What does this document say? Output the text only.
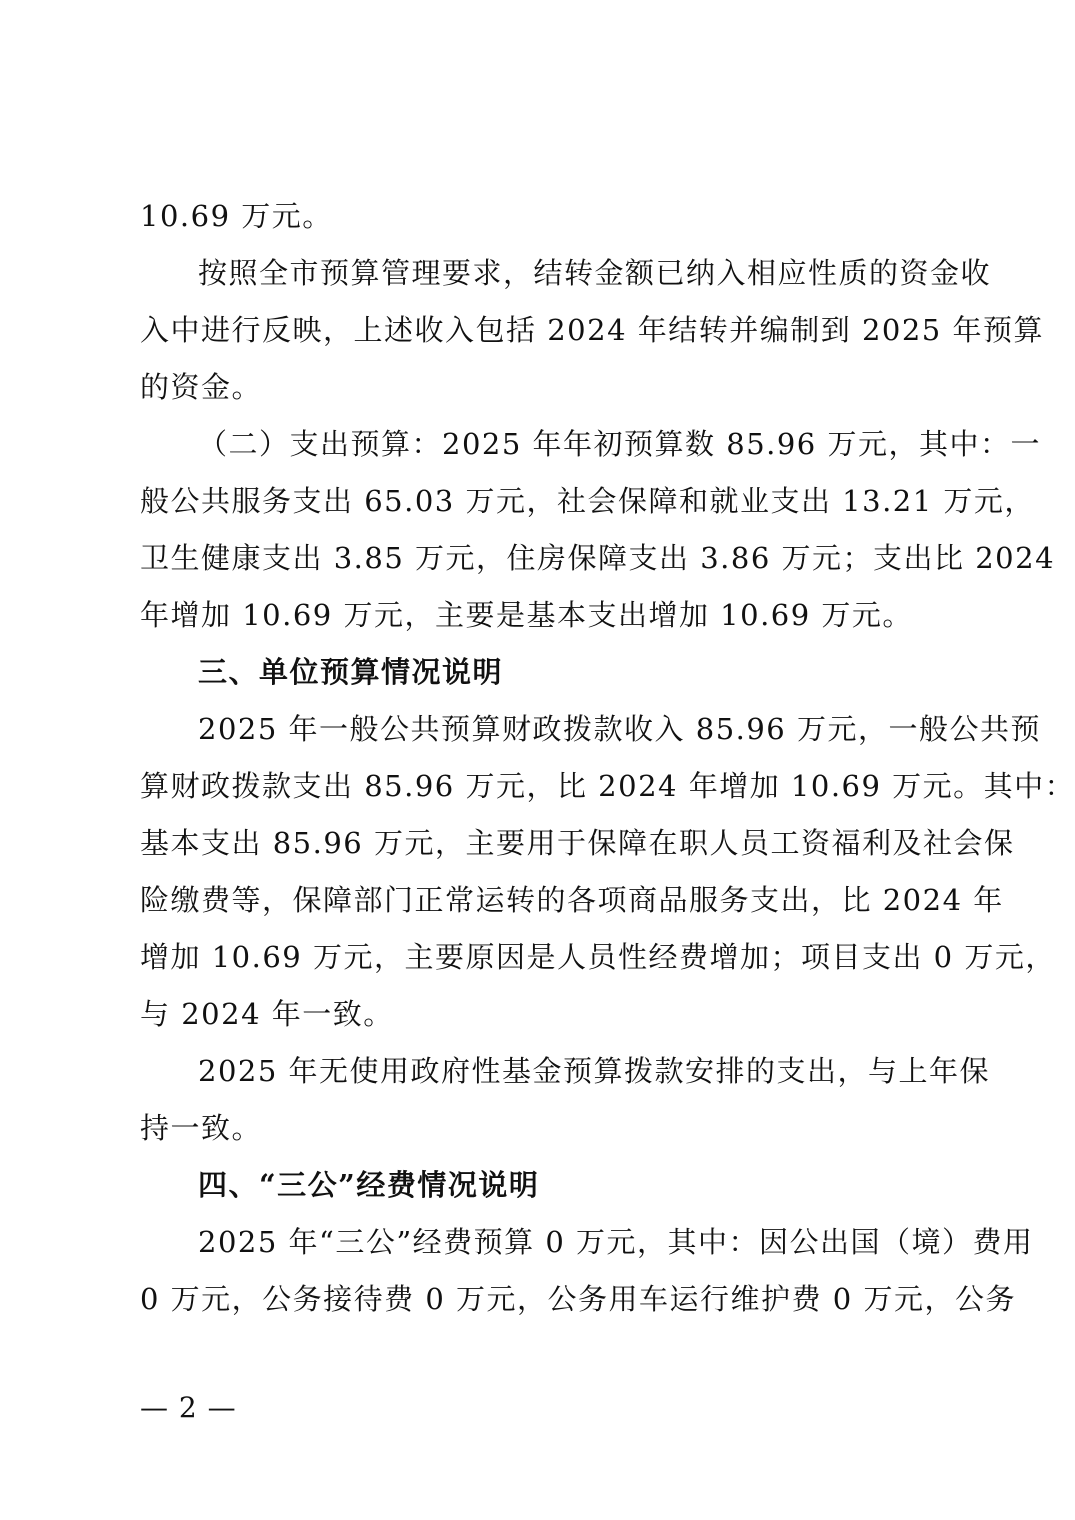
10.69 万元。
按照全市预算管理要求，结转金额已纳入相应性质的资金收
入中进行反映，上述收入包括 2024 年结转并编制到 2025 年预算
的资金。
（二）支出预算：2025 年年初预算数 85.96 万元，其中：一
般公共服务支出 65.03 万元，社会保障和就业支出 13.21 万元，
卫生健康支出 3.85 万元，住房保障支出 3.86 万元；支出比 2024
年增加 10.69 万元，主要是基本支出增加 10.69 万元。
三、单位预算情况说明
2025 年一般公共预算财政拨款收入 85.96 万元，一般公共预
算财政拨款支出 85.96 万元，比 2024 年增加 10.69 万元。其中：
基本支出 85.96 万元，主要用于保障在职人员工资福利及社会保
险缴费等，保障部门正常运转的各项商品服务支出，比 2024 年
增加 10.69 万元，主要原因是人员性经费增加；项目支出 0 万元，
与 2024 年一致。
2025 年无使用政府性基金预算拨款安排的支出，与上年保
持一致。
四、“三公”经费情况说明
2025 年“三公”经费预算 0 万元，其中：因公出国（境）费用
0 万元，公务接待费 0 万元，公务用车运行维护费 0 万元，公务
— 2 —
